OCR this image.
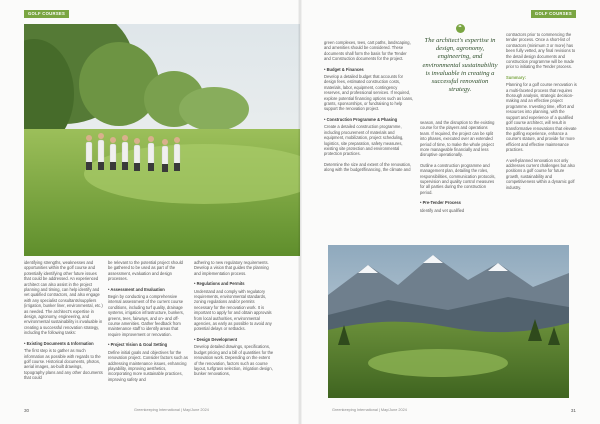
GOLF COURSES

identifying strengths, weaknesses and opportunities within the golf course and potentially identifying other future issues that could be addressed. An experienced architect can also assist in the project planning and timing, can help identify and vet qualified contractors, and also engage with any specialist consultants/suppliers (irrigation, bunker liner, environmental, etc.) as needed. The architect's expertise in design, agronomy, engineering, and environmental sustainability is invaluable in creating a successful renovation strategy, including the following tasks:

• Existing Documents & Information

The first step is to gather as much information as possible with regards to the golf course. Historical documents, photos, aerial images, as-built drawings, topography plans and any other documents that could

be relevant to the potential project should be gathered to be used as part of the assessment, evaluation and design processes.

• Assessment and Evaluation

Begin by conducting a comprehensive internal assessment of the current course conditions, including turf quality, drainage systems, irrigation infrastructure, bunkers, greens, tees, fairways, and on- and off-course amenities. Gather feedback from maintenance staff to identify areas that require improvement or renovation.

• Project Vision & Goal Setting

Define initial goals and objectives for the renovation project. Consider factors such as addressing maintenance issues, enhancing playability, improving aesthetics, incorporating more sustainable practices, improving safety and

adhering to new regulatory requirements. Develop a vision that guides the planning and implementation process.

• Regulations and Permits

Understand and comply with regulatory requirements, environmental standards, zoning regulations and/or permits necessary for the renovation work. It is important to apply for and obtain approvals from local authorities, environmental agencies, as early as possible to avoid any potential delays or setbacks.

• Design Development

Develop detailed drawings, specifications, budget pricing and a bill of quantities for the renovation work. Depending on the extent of the renovation, factors such as course layout, turfgrass selection, irrigation design, bunker renovations,

30	Greenkeeping International | May/June 2024
GOLF COURSES

green complexes, tees, cart paths, landscaping, and amenities should be considered. These documents shall form the basis for the Tender and Construction documents for the project.

• Budget & Finances

Develop a detailed budget that accounts for design fees, estimated construction costs, materials, labor, equipment, contingency reserves, and professional services. If required, explore potential financing options such as loans, grants, sponsorships, or fundraising to help support the renovation project.

• Construction Programme & Phasing

Create a detailed construction programme, including procurement of materials and equipment, mobilization, project scheduling, logistics, site preparation, safety measures, existing site protection and environmental protection practices.

Determine the size and extent of the renovation, along with the budget/financing, the climate and

“
The architect's expertise in design, agronomy, engineering, and environmental sustainability is invaluable in creating a successful renovation strategy.

season, and the disruption to the existing course for the players and operations team. If required, the project can be split into phases, executed over an extended period of time, to make the whole project more manageable financially and less disruptive operationally.

Outline a construction programme and management plan, detailing the roles, responsibilities, communication protocols, supervision and quality control measures for all parties during the construction period.

• Pre-Tender Process

Identify and vet qualified

contractors prior to commencing the tender process. Once a short-list of contractors (minimum 3 or more) has been fully vetted, any final revisions to the detail design documents and construction programme will be made prior to initiating the Tender process.

Summary:

Planning for a golf course renovation is a multi-faceted process that requires thorough analysis, strategic decision-making and an effective project programme. Investing time, effort and resources into planning, with the support and experience of a qualified golf course architect, will result in transformative renovations that elevate the golfing experience, enhance a course's stature, and provide for more efficient and effective maintenance practices.

A well-planned renovation not only addresses current challenges but also positions a golf course for future growth, sustainability and competitiveness within a dynamic golf industry.

31
Greenkeeping International | May/June 2024
